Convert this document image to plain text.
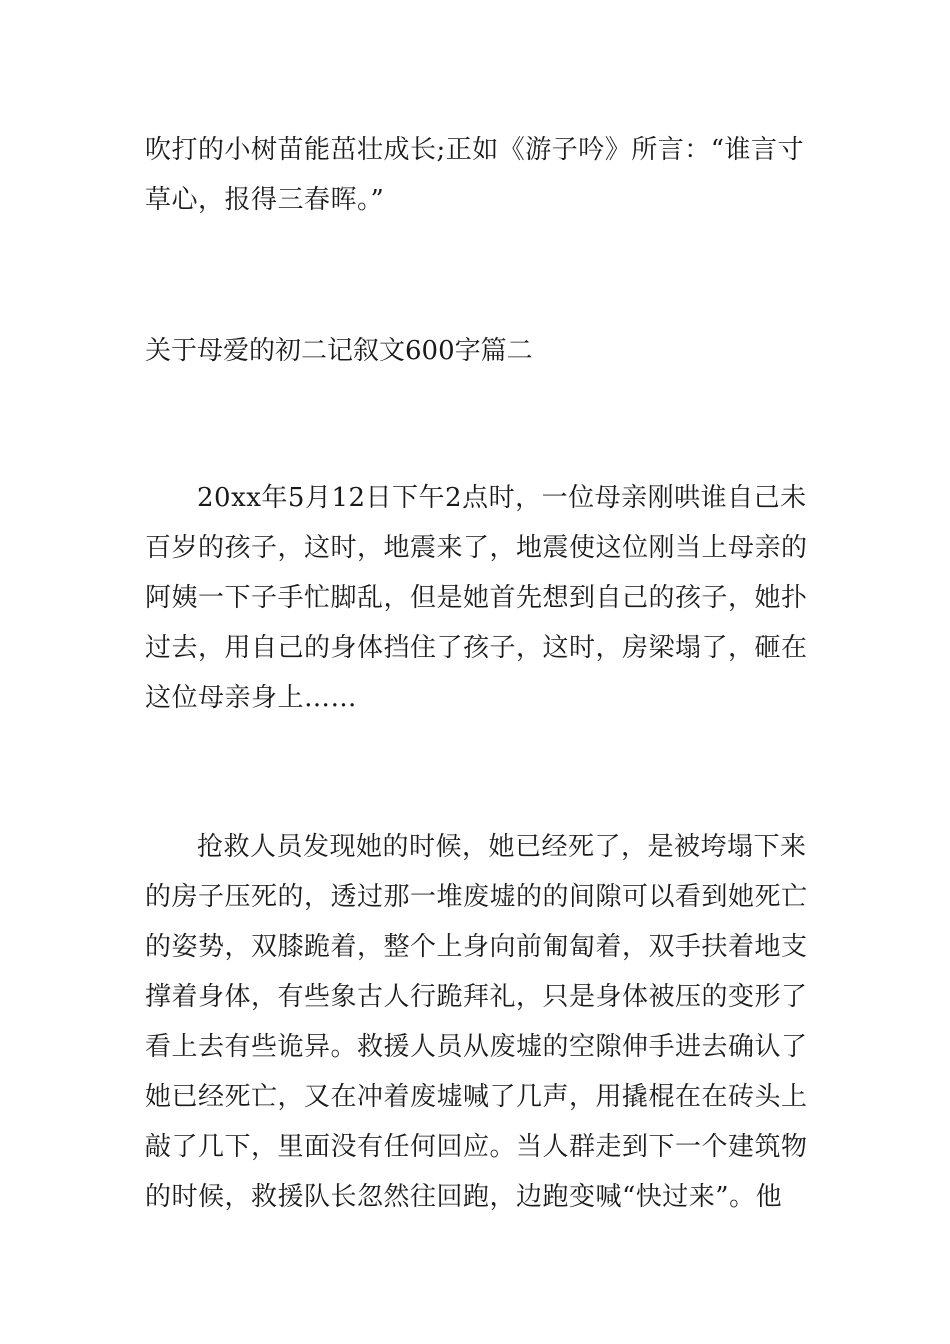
吹打的小树苗能茁壮成长;正如《游子吟》所言：“谁言寸
草心，报得三春晖。”
关于母爱的初二记叙文600字篇二
20xx年5月12日下午2点时，一位母亲刚哄谁自己未
百岁的孩子，这时，地震来了，地震使这位刚当上母亲的
阿姨一下子手忙脚乱，但是她首先想到自己的孩子，她扑
过去，用自己的身体挡住了孩子，这时，房梁塌了，砸在
这位母亲身上……
抢救人员发现她的时候，她已经死了，是被垮塌下来
的房子压死的，透过那一堆废墟的的间隙可以看到她死亡
的姿势，双膝跪着，整个上身向前匍匐着，双手扶着地支
撑着身体，有些象古人行跪拜礼，只是身体被压的变形了
看上去有些诡异。救援人员从废墟的空隙伸手进去确认了
她已经死亡，又在冲着废墟喊了几声，用撬棍在在砖头上
敲了几下，里面没有任何回应。当人群走到下一个建筑物
的时候，救援队长忽然往回跑，边跑变喊“快过来”。他
